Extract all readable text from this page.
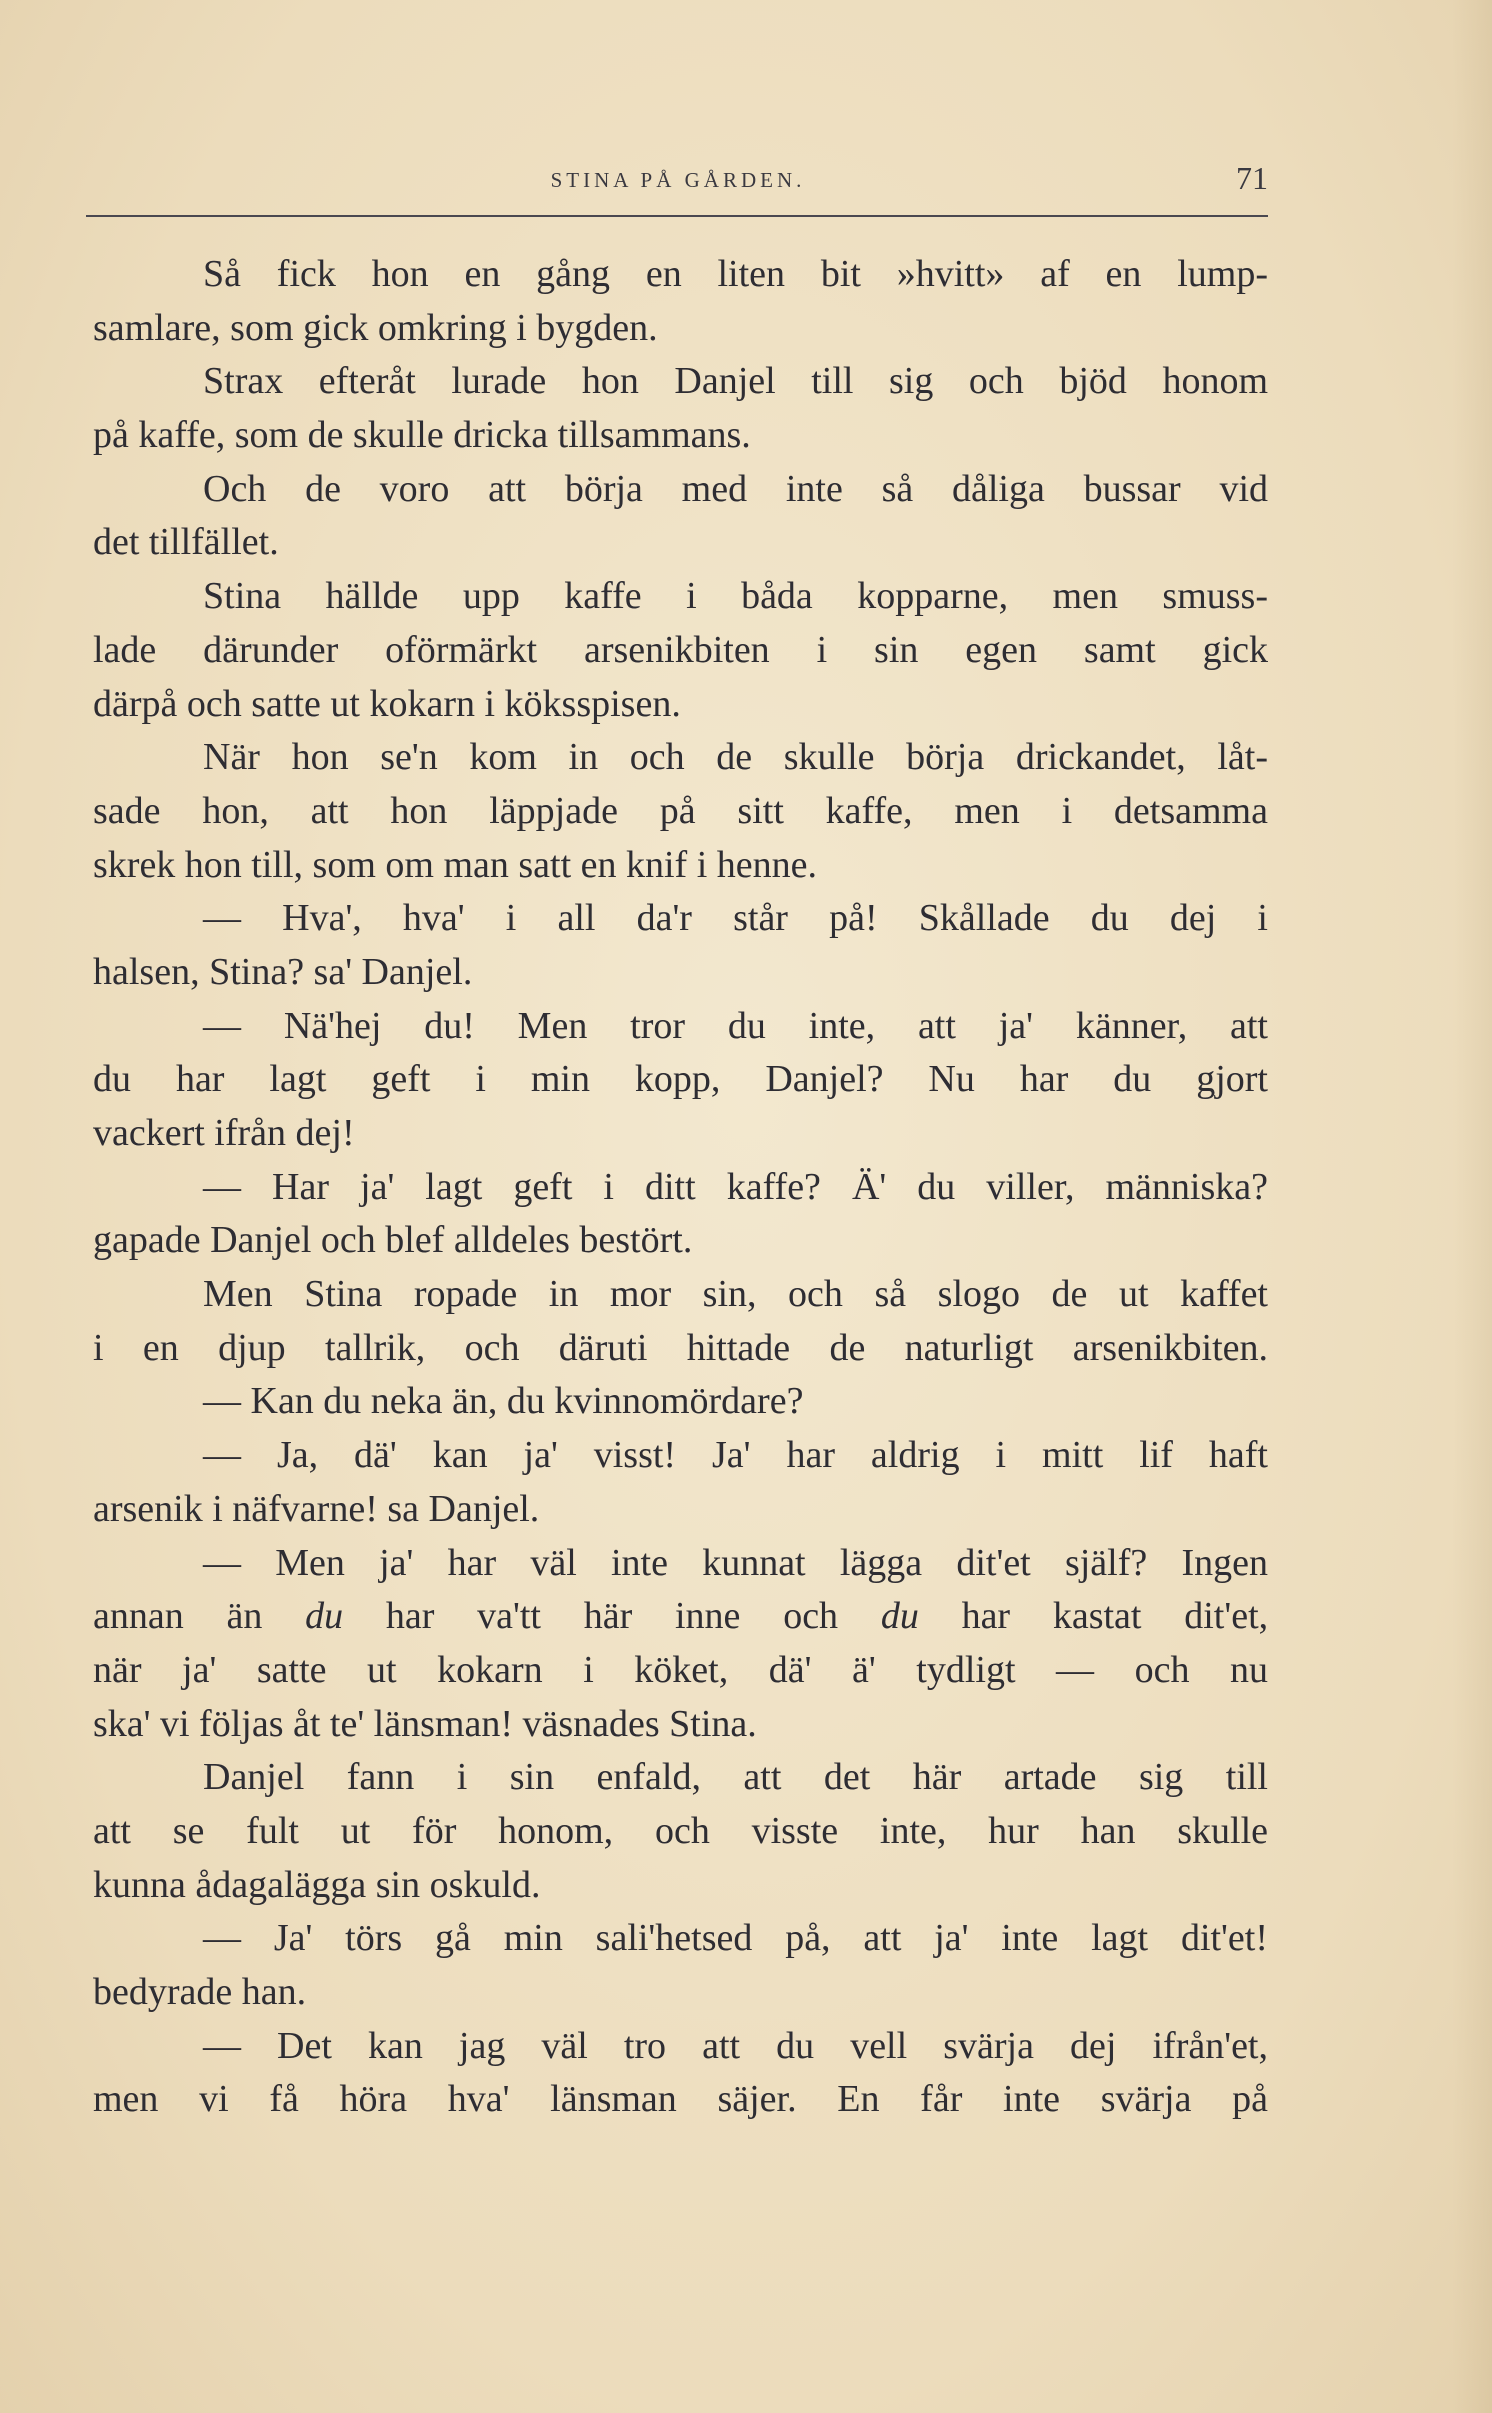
STINA PÅ GÅRDEN.	71
Så fick hon en gång en liten bit »hvitt» af en lump-
samlare, som gick omkring i bygden.
Strax efteråt lurade hon Danjel till sig och bjöd honom
på kaffe, som de skulle dricka tillsammans.
Och de voro att börja med inte så dåliga bussar vid
det tillfället.
Stina hällde upp kaffe i båda kopparne, men smuss-
lade därunder oförmärkt arsenikbiten i sin egen samt gick
därpå och satte ut kokarn i köksspisen.
När hon se'n kom in och de skulle börja drickandet, låt-
sade hon, att hon läppjade på sitt kaffe, men i detsamma
skrek hon till, som om man satt en knif i henne.
— Hva', hva' i all da'r står på! Skållade du dej i
halsen, Stina? sa' Danjel.
— Nä'hej du! Men tror du inte, att ja' känner, att
du har lagt geft i min kopp, Danjel? Nu har du gjort
vackert ifrån dej!
— Har ja' lagt geft i ditt kaffe? Ä' du viller, människa?
gapade Danjel och blef alldeles bestört.
Men Stina ropade in mor sin, och så slogo de ut kaffet
i en djup tallrik, och däruti hittade de naturligt arsenikbiten.
— Kan du neka än, du kvinnomördare?
— Ja, dä' kan ja' visst! Ja' har aldrig i mitt lif haft
arsenik i näfvarne! sa Danjel.
— Men ja' har väl inte kunnat lägga dit'et själf? Ingen
annan än du har va'tt här inne och du har kastat dit'et,
när ja' satte ut kokarn i köket, dä' ä' tydligt — och nu
ska' vi följas åt te' länsman! väsnades Stina.
Danjel fann i sin enfald, att det här artade sig till
att se fult ut för honom, och visste inte, hur han skulle
kunna ådagalägga sin oskuld.
— Ja' törs gå min sali'hetsed på, att ja' inte lagt dit'et!
bedyrade han.
— Det kan jag väl tro att du vell svärja dej ifrån'et,
men vi få höra hva' länsman säjer. En får inte svärja på
